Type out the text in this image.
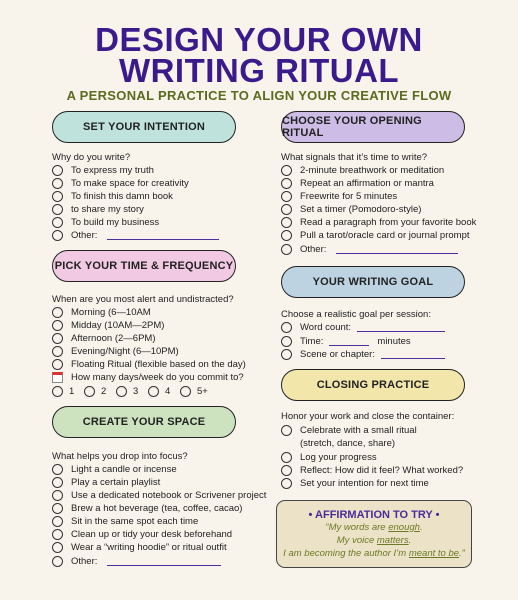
DESIGN YOUR OWN
WRITING RITUAL
A PERSONAL PRACTICE TO ALIGN YOUR CREATIVE FLOW
SET YOUR INTENTION
Why do you write?
To express my truth
To make space for creativity
To finish this damn book
to share my story
To build my business
Other:
PICK YOUR TIME & FREQUENCY
When are you most alert and undistracted?
Morning (6—10AM
Midday (10AM—2PM)
Afternoon (2—6PM)
Evening/Night (6—10PM)
Floating Ritual (flexible based on the day)
How many days/week do you commit to?
1	2	3	4	5+
CREATE YOUR SPACE
What helps you drop into focus?
Light a candle or incense
Play a certain playlist
Use a dedicated notebook or Scrivener project
Brew a hot beverage (tea, coffee, cacao)
Sit in the same spot each time
Clean up or tidy your desk beforehand
Wear a “writing hoodie” or ritual outfit
Other:
CHOOSE YOUR OPENING RITUAL
What signals that it’s time to write?
2-minute breathwork or meditation
Repeat an affirmation or mantra
Freewrite for 5 minutes
Set a timer (Pomodoro-style)
Read a paragraph from your favorite book
Pull a tarot/oracle card or journal prompt
Other:
YOUR WRITING GOAL
Choose a realistic goal per session:
Word count:
Time:	minutes
Scene or chapter:
CLOSING PRACTICE
Honor your work and close the container:
Celebrate with a small ritual
(stretch, dance, share)
Log your progress
Reflect: How did it feel? What worked?
Set your intention for next time
• AFFIRMATION TO TRY •
“My words are enough.
My voice matters.
I am becoming the author I’m meant to be.”
